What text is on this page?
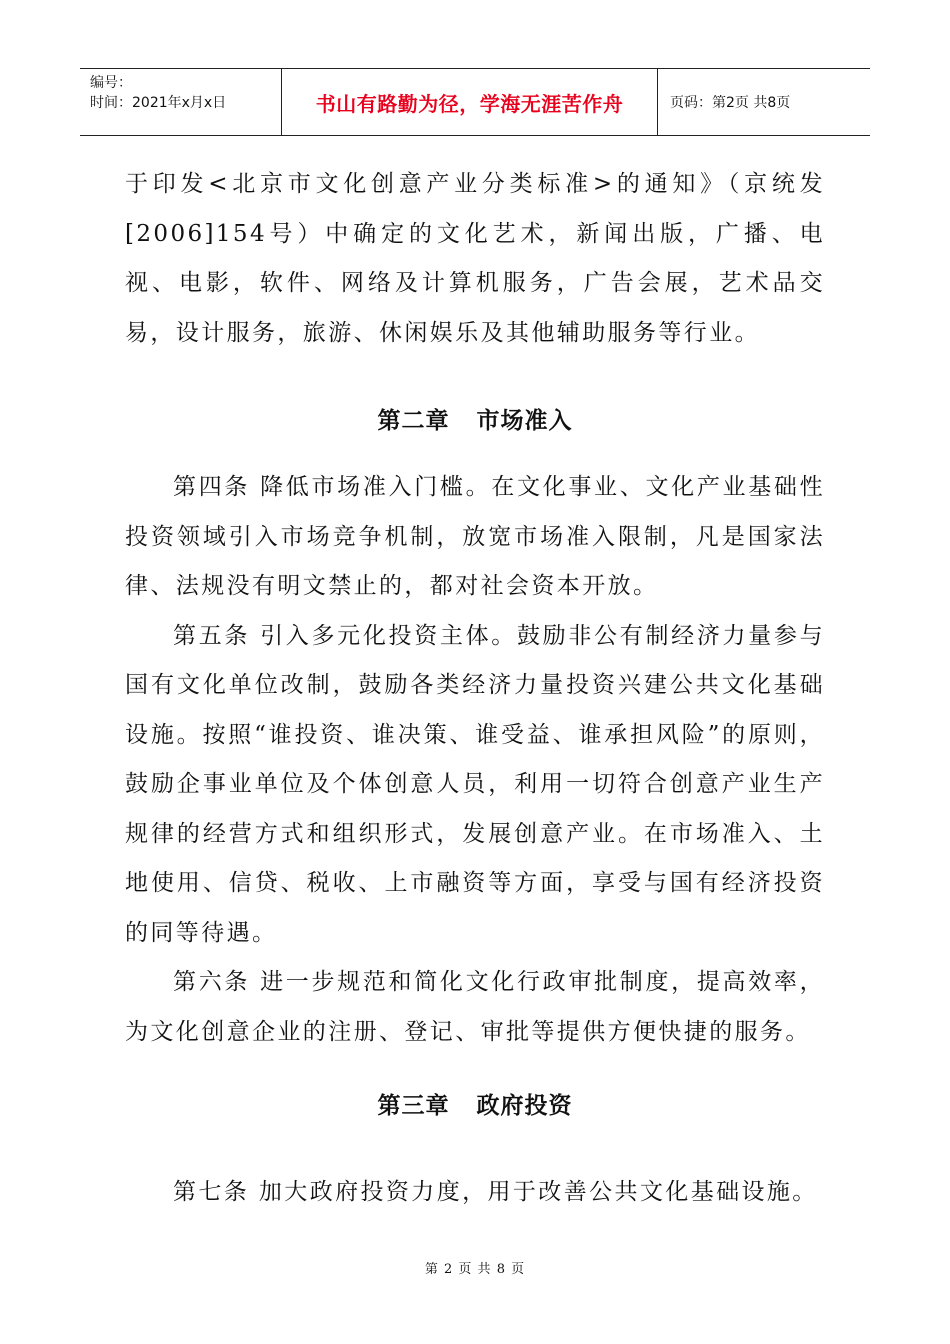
编号：
时间：2021年x月x日	书山有路勤为径，学海无涯苦作舟	页码：第2页 共8页

于印发<北京市文化创意产业分类标准>的通知》（京统发[2006]154号）中确定的文化艺术，新闻出版，广播、电视、电影，软件、网络及计算机服务，广告会展，艺术品交易，设计服务，旅游、休闲娱乐及其他辅助服务等行业。

第二章   市场准入

第四条 降低市场准入门槛。在文化事业、文化产业基础性投资领域引入市场竞争机制，放宽市场准入限制，凡是国家法律、法规没有明文禁止的，都对社会资本开放。

第五条 引入多元化投资主体。鼓励非公有制经济力量参与国有文化单位改制，鼓励各类经济力量投资兴建公共文化基础设施。按照“谁投资、谁决策、谁受益、谁承担风险”的原则，鼓励企事业单位及个体创意人员，利用一切符合创意产业生产规律的经营方式和组织形式，发展创意产业。在市场准入、土地使用、信贷、税收、上市融资等方面，享受与国有经济投资的同等待遇。

第六条 进一步规范和简化文化行政审批制度，提高效率，为文化创意企业的注册、登记、审批等提供方便快捷的服务。

第三章   政府投资

第七条 加大政府投资力度，用于改善公共文化基础设施。

第 2 页 共 8 页
